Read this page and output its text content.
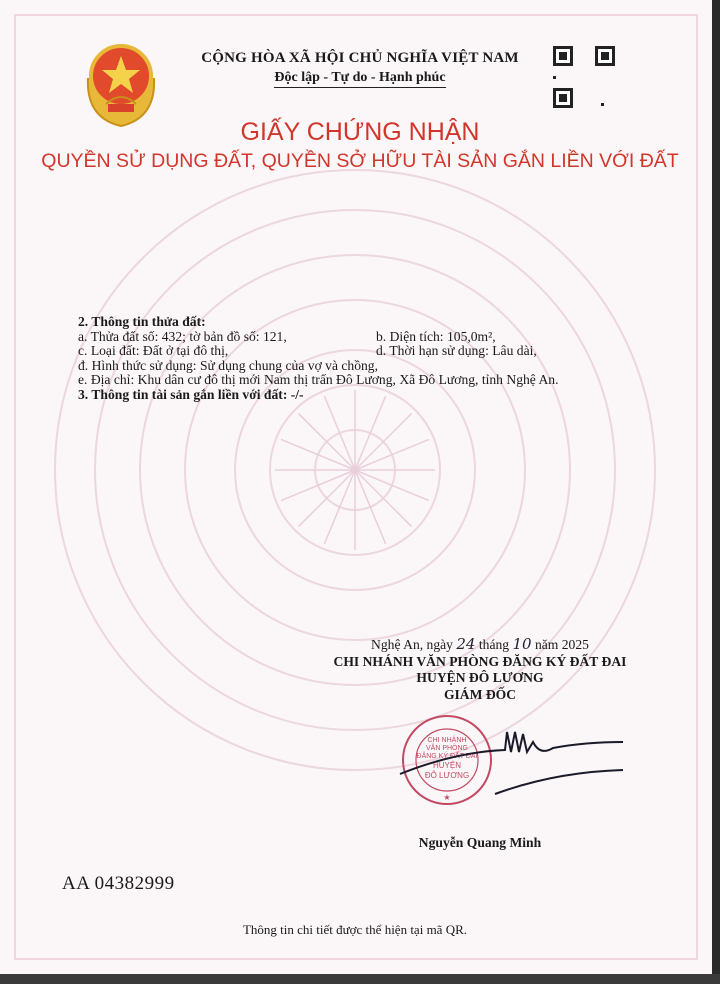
CỘNG HÒA XÃ HỘI CHỦ NGHĨA VIỆT NAM
Độc lập - Tự do - Hạnh phúc
GIẤY CHỨNG NHẬN
QUYỀN SỬ DỤNG ĐẤT, QUYỀN SỞ HỮU TÀI SẢN GẮN LIỀN VỚI ĐẤT
2. Thông tin thửa đất:
a. Thửa đất số: 432; tờ bản đồ số: 121,	b. Diện tích: 105,0m²,
c. Loại đất: Đất ở tại đô thị,	d. Thời hạn sử dụng: Lâu dài,
đ. Hình thức sử dụng: Sử dụng chung của vợ và chồng,
e. Địa chỉ: Khu dân cư đô thị mới Nam thị trấn Đô Lương, Xã Đô Lương, tỉnh Nghệ An.
3. Thông tin tài sản gắn liền với đất: -/-
Nghệ An, ngày 24 tháng 10 năm 2025
CHI NHÁNH VĂN PHÒNG ĐĂNG KÝ ĐẤT ĐAI
HUYỆN ĐÔ LƯƠNG
GIÁM ĐỐC
CHI NHÁNH
VĂN PHÒNG
ĐĂNG KÝ ĐẤT ĐAI
HUYỆN
ĐÔ LƯƠNG
★
Nguyễn Quang Minh
AA 04382999
Thông tin chi tiết được thể hiện tại mã QR.
